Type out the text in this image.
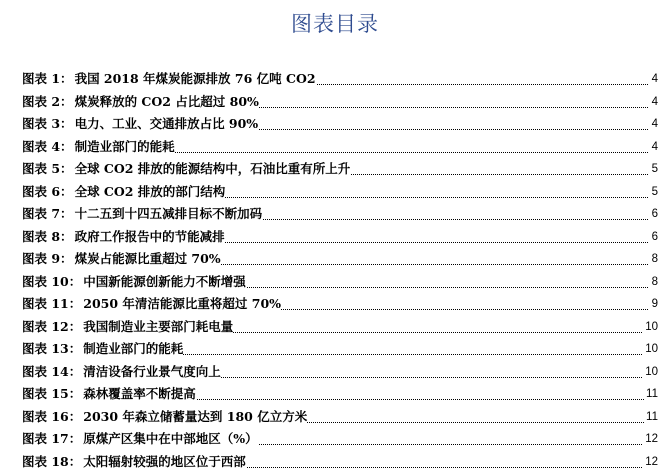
图表目录
图表 1： 我国 2018 年煤炭能源排放 76 亿吨 CO2	4
图表 2： 煤炭释放的 CO2 占比超过 80%	4
图表 3： 电力、工业、交通排放占比 90%	4
图表 4： 制造业部门的能耗	4
图表 5： 全球 CO2 排放的能源结构中，石油比重有所上升	5
图表 6： 全球 CO2 排放的部门结构	5
图表 7： 十二五到十四五减排目标不断加码	6
图表 8： 政府工作报告中的节能减排	6
图表 9： 煤炭占能源比重超过 70%	8
图表 10： 中国新能源创新能力不断增强	8
图表 11： 2050 年清洁能源比重将超过 70%	9
图表 12： 我国制造业主要部门耗电量	10
图表 13： 制造业部门的能耗	10
图表 14： 清洁设备行业景气度向上	10
图表 15： 森林覆盖率不断提高	11
图表 16： 2030 年森立储蓄量达到 180 亿立方米	11
图表 17： 原煤产区集中在中部地区（%）	12
图表 18： 太阳辐射较强的地区位于西部	12
